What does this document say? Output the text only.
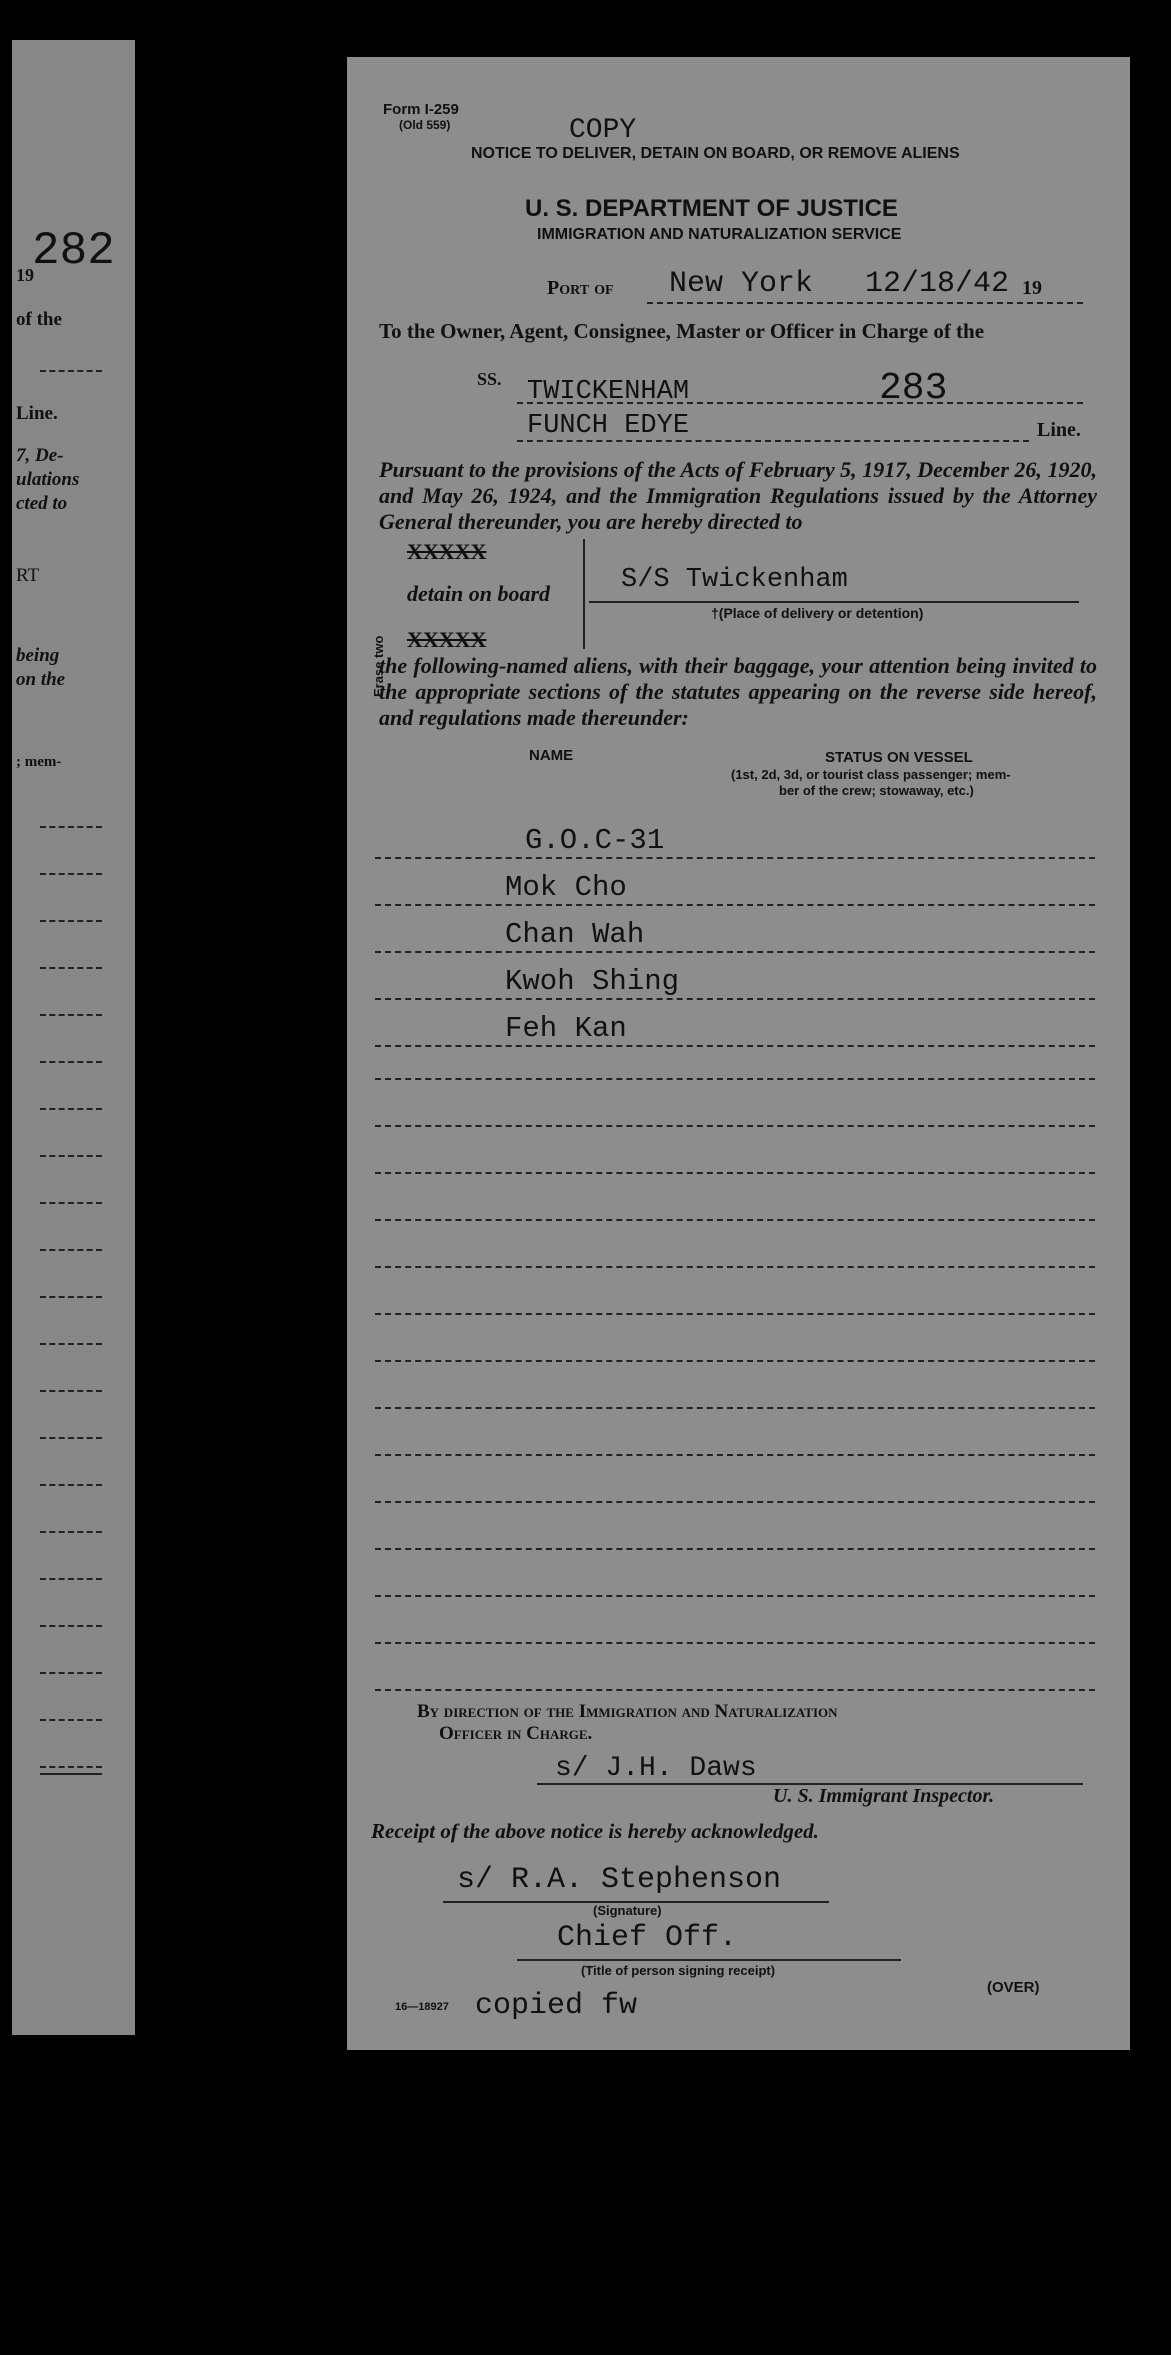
282
19
of the
Line.
7, De-
ulations
cted to
RT
being
on the
; mem-
Form I-259
(Old 559)	COPY
NOTICE TO DELIVER, DETAIN ON BOARD, OR REMOVE ALIENS
U. S. DEPARTMENT OF JUSTICE
IMMIGRATION AND NATURALIZATION SERVICE
Port of New York 12/18/42 19
To the Owner, Agent, Consignee, Master or Officer in Charge of the
SS. TWICKENHAM	283
FUNCH EDYE	Line.
Pursuant to the provisions of the Acts of February 5, 1917, December 26, 1920, and May 26, 1924, and the Immigration Regulations issued by the Attorney General thereunder, you are hereby directed to
Erase two
XXXXX
detain on board
XXXXX
S/S Twickenham
†(Place of delivery or detention)
the following-named aliens, with their baggage, your attention being invited to the appropriate sections of the statutes appearing on the reverse side hereof, and regulations made thereunder:
NAME	STATUS ON VESSEL
(1st, 2d, 3d, or tourist class passenger; mem-
ber of the crew; stowaway, etc.)
G.O.C-31
Mok Cho
Chan Wah
Kwoh Shing
Feh Kan
By direction of the Immigration and Naturalization
Officer in Charge.
s/ J.H. Daws
U. S. Immigrant Inspector.
Receipt of the above notice is hereby acknowledged.
s/ R.A. Stephenson
(Signature)
Chief Off.
(Title of person signing receipt)
16—18927 copied fw
(OVER)
